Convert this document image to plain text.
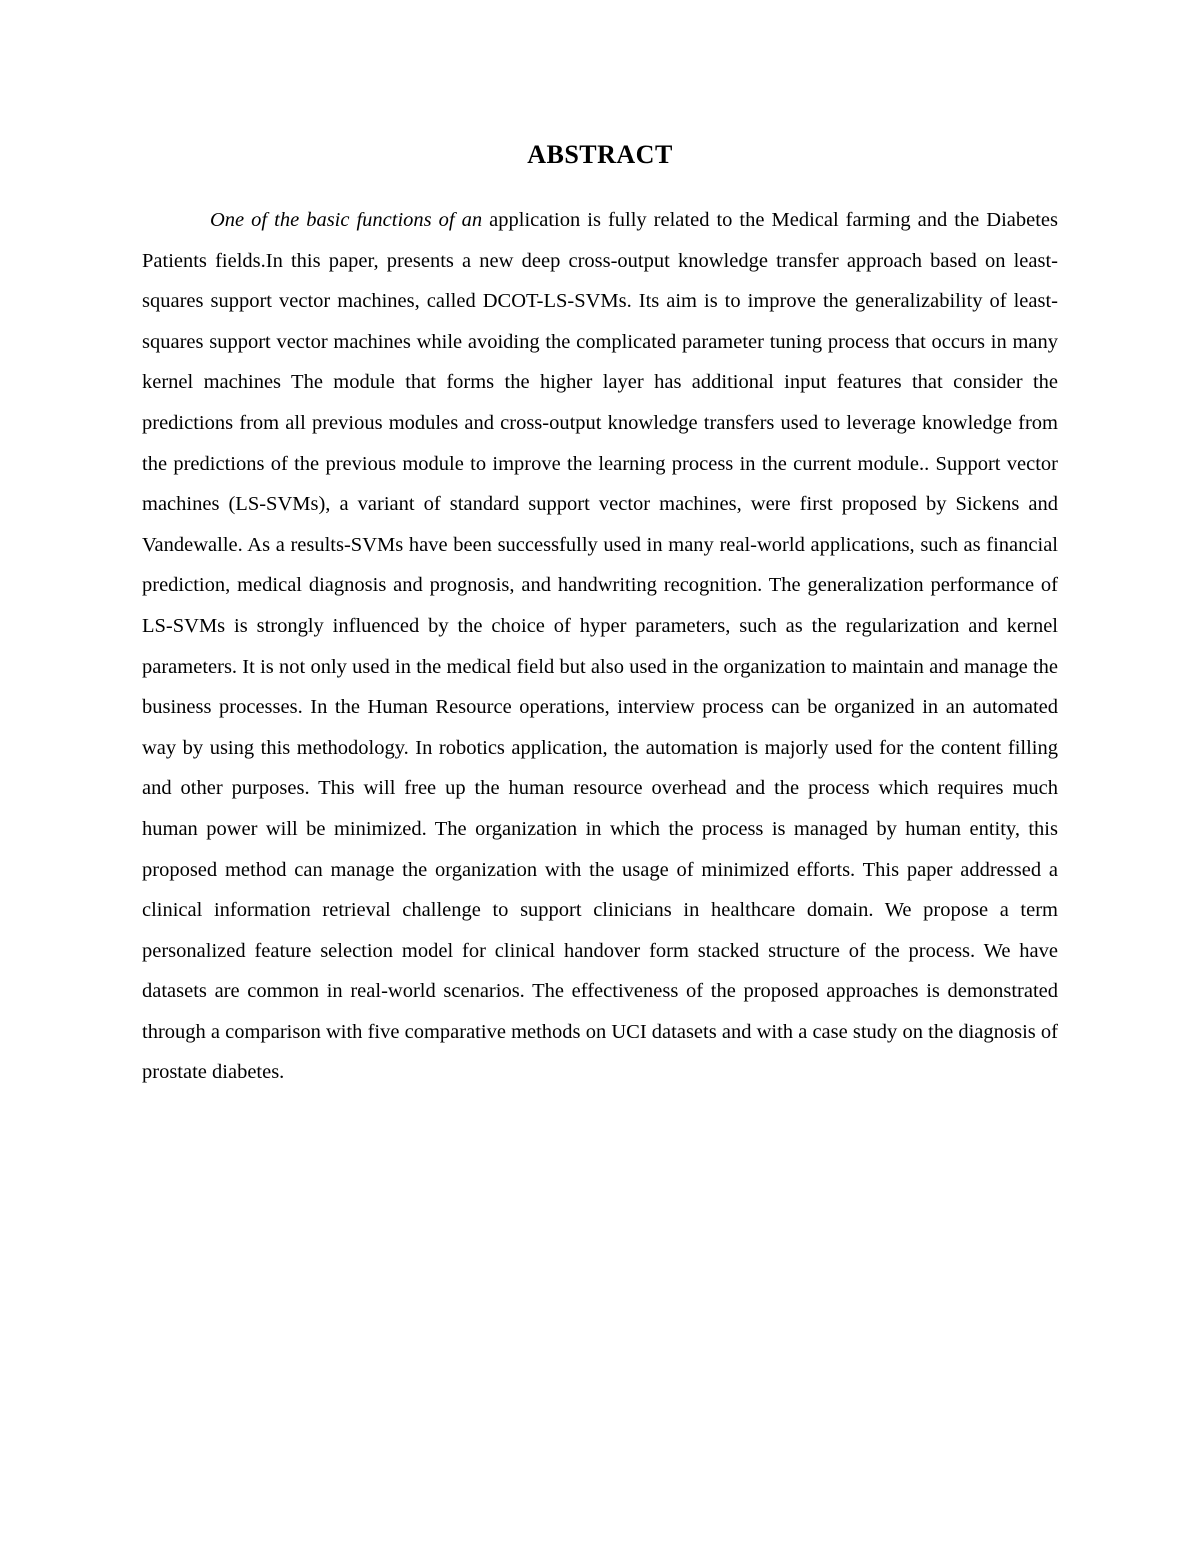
ABSTRACT

One of the basic functions of an application is fully related to the Medical farming and the Diabetes Patients fields.In this paper, presents a new deep cross-output knowledge transfer approach based on least-squares support vector machines, called DCOT-LS-SVMs. Its aim is to improve the generalizability of least-squares support vector machines while avoiding the complicated parameter tuning process that occurs in many kernel machines The module that forms the higher layer has additional input features that consider the predictions from all previous modules and cross-output knowledge transfers used to leverage knowledge from the predictions of the previous module to improve the learning process in the current module.. Support vector machines (LS-SVMs), a variant of standard support vector machines, were first proposed by Sickens and Vandewalle. As a results-SVMs have been successfully used in many real-world applications, such as financial prediction, medical diagnosis and prognosis, and handwriting recognition. The generalization performance of LS-SVMs is strongly influenced by the choice of hyper parameters, such as the regularization and kernel parameters. It is not only used in the medical field but also used in the organization to maintain and manage the business processes. In the Human Resource operations, interview process can be organized in an automated way by using this methodology. In robotics application, the automation is majorly used for the content filling and other purposes. This will free up the human resource overhead and the process which requires much human power will be minimized. The organization in which the process is managed by human entity, this proposed method can manage the organization with the usage of minimized efforts. This paper addressed a clinical information retrieval challenge to support clinicians in healthcare domain. We propose a term personalized feature selection model for clinical handover form stacked structure of the process. We have datasets are common in real-world scenarios. The effectiveness of the proposed approaches is demonstrated through a comparison with five comparative methods on UCI datasets and with a case study on the diagnosis of prostate diabetes.
